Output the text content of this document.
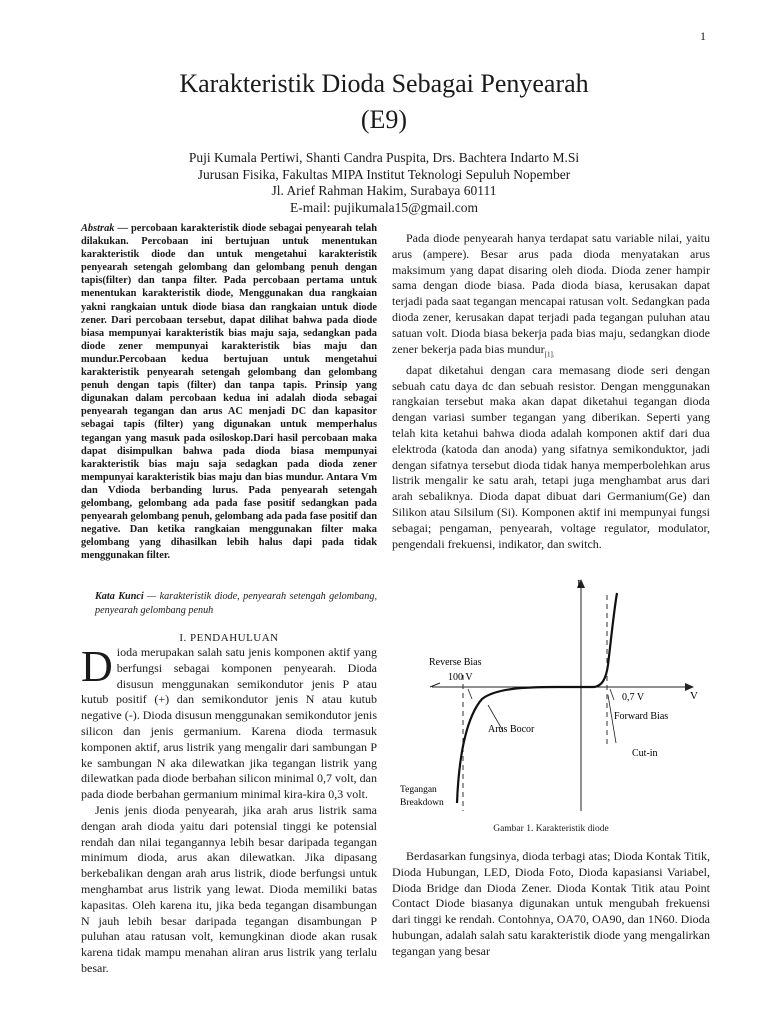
1
Karakteristik Dioda Sebagai Penyearah
(E9)
Puji Kumala Pertiwi, Shanti Candra Puspita, Drs. Bachtera Indarto M.Si
Jurusan Fisika, Fakultas MIPA Institut Teknologi Sepuluh Nopember
Jl. Arief Rahman Hakim, Surabaya 60111
E-mail: pujikumala15@gmail.com
Abstrak — percobaan karakteristik diode sebagai penyearah telah dilakukan. Percobaan ini bertujuan untuk menentukan karakteristik diode dan untuk mengetahui karakteristik penyearah setengah gelombang dan gelombang penuh dengan tapis(filter) dan tanpa filter. Pada percobaan pertama untuk menentukan karakteristik diode, Menggunakan dua rangkaian yakni rangkaian untuk diode biasa dan rangkaian untuk diode zener. Dari percobaan tersebut, dapat dilihat bahwa pada diode biasa mempunyai karakteristik bias maju saja, sedangkan pada diode zener mempunyai karakteristik bias maju dan mundur.Percobaan kedua bertujuan untuk mengetahui karakteristik penyearah setengah gelombang dan gelombang penuh dengan tapis (filter) dan tanpa tapis. Prinsip yang digunakan dalam percobaan kedua ini adalah dioda sebagai penyearah tegangan dan arus AC menjadi DC dan kapasitor sebagai tapis (filter) yang digunakan untuk memperhalus tegangan yang masuk pada osiloskop.Dari hasil percobaan maka dapat disimpulkan bahwa pada dioda biasa mempunyai karakteristik bias maju saja sedagkan pada dioda zener mempunyai karakteristik bias maju dan bias mundur. Antara Vm dan Vdioda berbanding lurus. Pada penyearah setengah gelombang, gelombang ada pada fase positif sedangkan pada penyearah gelombang penuh, gelombang ada pada fase positif dan negative. Dan ketika rangkaian menggunakan filter maka gelombang yang dihasilkan lebih halus dapi pada tidak menggunakan filter.
Kata Kunci — karakteristik diode, penyearah setengah gelombang, penyearah gelombang penuh
I. PENDAHULUAN

Dioda merupakan salah satu jenis komponen aktif yang berfungsi sebagai komponen penyearah. Dioda disusun menggunakan semikondutor jenis P atau kutub positif (+) dan semikondutor jenis N atau kutub negative (-). Dioda disusun menggunakan semikondutor jenis silicon dan jenis germanium. Karena dioda termasuk komponen aktif, arus listrik yang mengalir dari sambungan P ke sambungan N aka dilewatkan jika tegangan listrik yang dilewatkan pada diode berbahan silicon minimal 0,7 volt, dan pada diode berbahan germanium minimal kira-kira 0,3 volt.

Jenis jenis dioda penyearah, jika arah arus listrik sama dengan arah dioda yaitu dari potensial tinggi ke potensial rendah dan nilai tegangannya lebih besar daripada tegangan minimum dioda, arus akan dilewatkan. Jika dipasang berkebalikan dengan arah arus listrik, diode berfungsi untuk menghambat arus listrik yang lewat. Dioda memiliki batas kapasitas. Oleh karena itu, jika beda tegangan disambungan N jauh lebih besar daripada tegangan disambungan P puluhan atau ratusan volt, kemungkinan diode akan rusak karena tidak mampu menahan aliran arus listrik yang terlalu besar.

Pada diode penyearah hanya terdapat satu variable nilai, yaitu arus (ampere). Besar arus pada dioda menyatakan arus maksimum yang dapat disaring oleh dioda. Dioda zener hampir sama dengan diode biasa. Pada dioda biasa, kerusakan dapat terjadi pada saat tegangan mencapai ratusan volt. Sedangkan pada dioda zener, kerusakan dapat terjadi pada tegangan puluhan atau satuan volt. Dioda biasa bekerja pada bias maju, sedangkan diode zener bekerja pada bias mundur$_{[1].}$

dapat diketahui dengan cara memasang diode seri dengan sebuah catu daya dc dan sebuah resistor. Dengan menggunakan rangkaian tersebut maka akan dapat diketahui tegangan dioda dengan variasi sumber tegangan yang diberikan. Seperti yang telah kita ketahui bahwa dioda adalah komponen aktif dari dua elektroda (katoda dan anoda) yang sifatnya semikonduktor, jadi dengan sifatnya tersebut dioda tidak hanya memperbolehkan arus listrik mengalir ke satu arah, tetapi juga menghambat arus dari arah sebaliknya. Dioda dapat dibuat dari Germanium(Ge) dan Silikon atau Silsilum (Si). Komponen aktif ini mempunyai fungsi sebagai; pengaman, penyearah, voltage regulator, modulator, pengendali frekuensi, indikator, dan switch.

I
V
Reverse Bias
100 V
0,7 V
Forward Bias
Arus Bocor
Cut-in
Tegangan
Breakdown
Gambar 1. Karakteristik diode

Berdasarkan fungsinya, dioda terbagi atas; Dioda Kontak Titik, Dioda Hubungan, LED, Dioda Foto, Dioda kapasiansi Variabel, Dioda Bridge dan Dioda Zener. Dioda Kontak Titik atau Point Contact Diode biasanya digunakan untuk mengubah frekuensi dari tinggi ke rendah. Contohnya, OA70, OA90, dan 1N60. Dioda hubungan, adalah salah satu karakteristik diode yang mengalirkan tegangan yang besar
